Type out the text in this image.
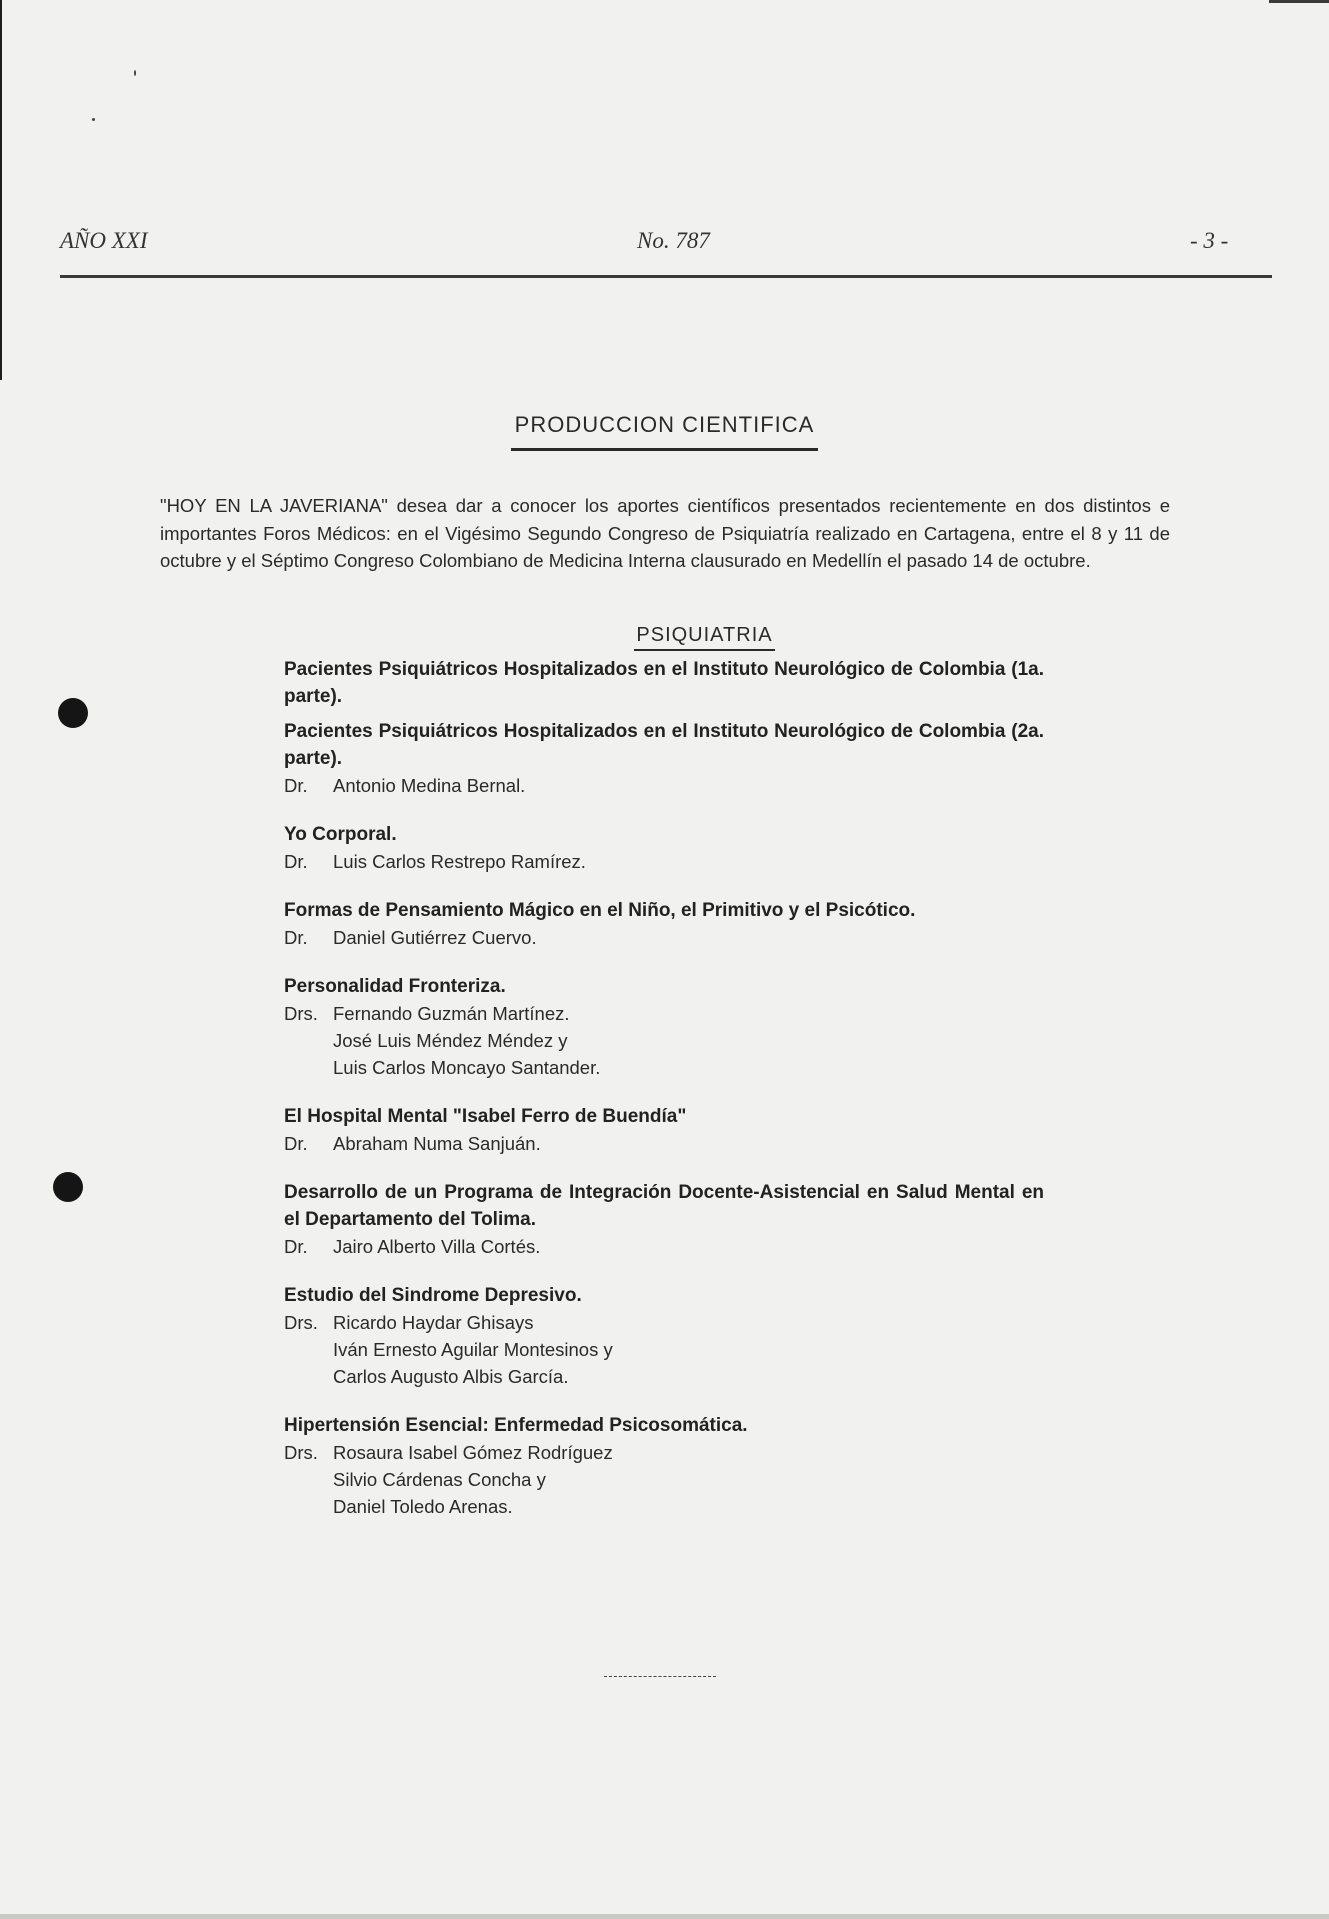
AÑO XXI	No. 787	- 3 -
PRODUCCION CIENTIFICA
"HOY EN LA JAVERIANA" desea dar a conocer los aportes científicos presentados recientemente en dos distintos e importantes Foros Médicos: en el Vigésimo Segundo Congreso de Psiquiatría realizado en Cartagena, entre el 8 y 11 de octubre y el Séptimo Congreso Colombiano de Medicina Interna clausurado en Medellín el pasado 14 de octubre.
PSIQUIATRIA
Pacientes Psiquiátricos Hospitalizados en el Instituto Neurológico de Colombia (1a. parte).
Pacientes Psiquiátricos Hospitalizados en el Instituto Neurológico de Colombia (2a. parte).
Dr.	Antonio Medina Bernal.
Yo Corporal.
Dr.	Luis Carlos Restrepo Ramírez.
Formas de Pensamiento Mágico en el Niño, el Primitivo y el Psicótico.
Dr.	Daniel Gutiérrez Cuervo.
Personalidad Fronteriza.
Drs. Fernando Guzmán Martínez.
José Luis Méndez Méndez y
Luis Carlos Moncayo Santander.
El Hospital Mental "Isabel Ferro de Buendía"
Dr.	Abraham Numa Sanjuán.
Desarrollo de un Programa de Integración Docente-Asistencial en Salud Mental en el Departamento del Tolima.
Dr.	Jairo Alberto Villa Cortés.
Estudio del Sindrome Depresivo.
Drs. Ricardo Haydar Ghisays
Iván Ernesto Aguilar Montesinos y
Carlos Augusto Albis García.
Hipertensión Esencial: Enfermedad Psicosomática.
Drs. Rosaura Isabel Gómez Rodríguez
Silvio Cárdenas Concha y
Daniel Toledo Arenas.
